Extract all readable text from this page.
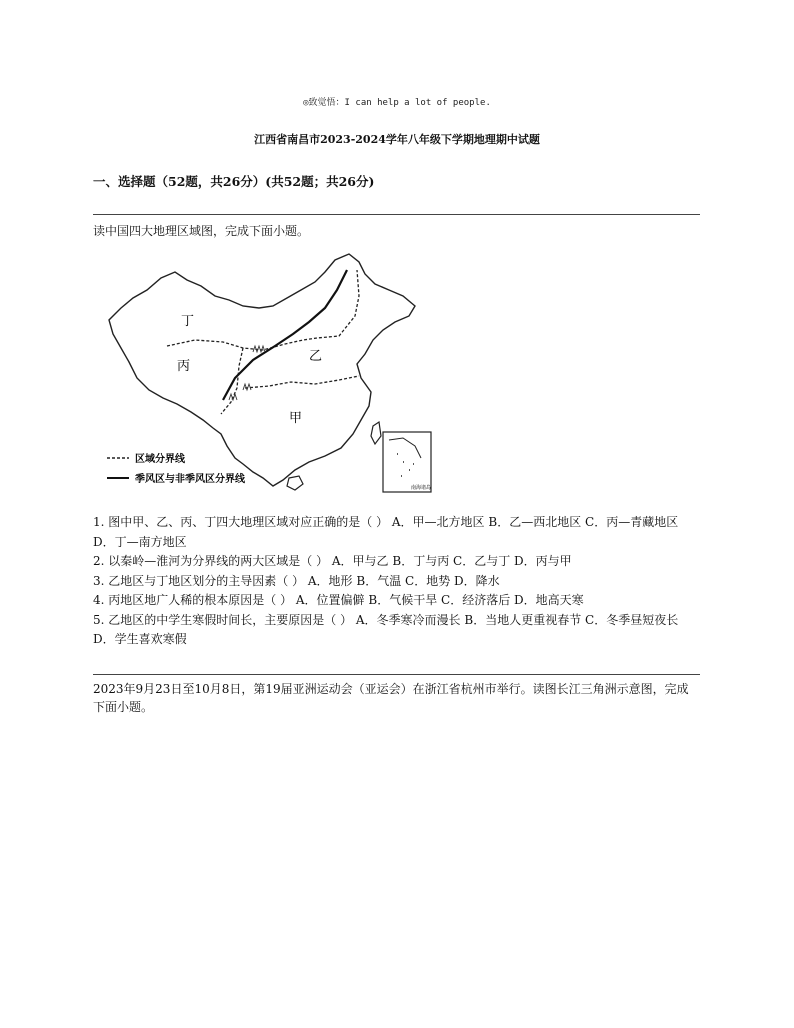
◎致觉悟：I can help a lot of people.
江西省南昌市2023-2024学年八年级下学期地理期中试题
一、选择题（52题，共26分）(共52题；共26分)
读中国四大地理区域图，完成下面小题。
丁
丙
乙
甲
区域分界线
季风区与非季风区分界线
南海诸岛
1. 图中甲、乙、丙、丁四大地理区域对应正确的是（ ） A．甲—北方地区 B．乙—西北地区 C．丙—青藏地区 D．丁—南方地区
2. 以秦岭—淮河为分界线的两大区域是（ ） A．甲与乙 B．丁与丙 C．乙与丁 D．丙与甲
3. 乙地区与丁地区划分的主导因素（ ） A．地形 B．气温 C．地势 D．降水
4. 丙地区地广人稀的根本原因是（ ） A．位置偏僻 B．气候干旱 C．经济落后 D．地高天寒
5. 乙地区的中学生寒假时间长，主要原因是（ ） A．冬季寒冷而漫长 B．当地人更重视春节 C．冬季昼短夜长 D．学生喜欢寒假
2023年9月23日至10月8日，第19届亚洲运动会（亚运会）在浙江省杭州市举行。读图长江三角洲示意图，完成下面小题。
